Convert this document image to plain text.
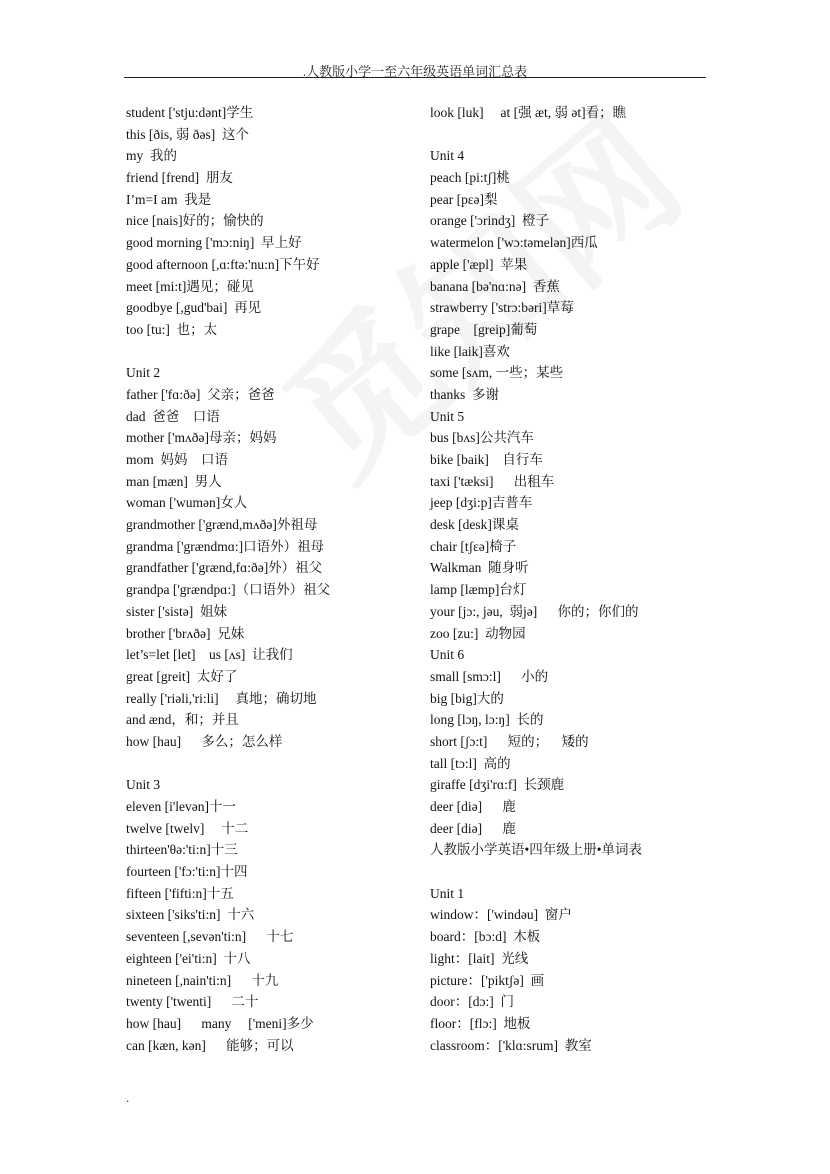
.人教版小学一至六年级英语单词汇总表
student ['stju:dənt]学生
this [ðis, 弱 ðəs]  这个
my  我的
friend [frend]  朋友
I’m=I am  我是
nice [nais]好的；愉快的
good morning ['mɔ:niŋ]  早上好
good afternoon [,ɑ:ftə:'nu:n]下午好
meet [mi:t]遇见；碰见
goodbye [,gud'bai]  再见
too [tu:]  也；太
Unit 2
father ['fɑ:ðə]  父亲；爸爸
dad  爸爸    口语
mother ['mʌðə]母亲；妈妈
mom  妈妈    口语
man [mæn]  男人
woman ['wumən]女人
grandmother ['grænd,mʌðə]外祖母
grandma ['grændmɑ:]口语外）祖母
grandfather ['grænd,fɑ:ðə]外）祖父
grandpa ['grændpɑ:]（口语外）祖父
sister ['sistə]  姐妹
brother ['brʌðə]  兄妹
let’s=let [let]    us [ʌs]  让我们
great [greit]  太好了
really ['riəli,'ri:li]     真地；确切地
and ænd，和；并且
how [hau]      多么；怎么样
Unit 3
eleven [i'levən]十一
twelve [twelv]     十二
thirteen'θə:'ti:n]十三
fourteen ['fɔ:'ti:n]十四
fifteen ['fifti:n]十五
sixteen ['siks'ti:n]  十六
seventeen [,sevən'ti:n]      十七
eighteen ['ei'ti:n]  十八
nineteen [,nain'ti:n]      十九
twenty ['twenti]      二十
how [hau]      many     ['meni]多少
can [kæn, kən]      能够；可以
look [luk]     at [强 æt, 弱 ət]看；瞧
Unit 4
peach [pi:tʃ]桃
pear [pɛə]梨
orange ['ɔrindʒ]  橙子
watermelon ['wɔ:təmelən]西瓜
apple ['æpl]  苹果
banana [bə'nɑ:nə]  香蕉
strawberry ['strɔ:bəri]草莓
grape    [greip]葡萄
like [laik]喜欢
some [sʌm, 一些；某些
thanks  多谢
Unit 5
bus [bʌs]公共汽车
bike [baik]    自行车
taxi ['tæksi]      出租车
jeep [dʒi:p]吉普车
desk [desk]课桌
chair [tʃɛə]椅子
Walkman  随身听
lamp [læmp]台灯
your [jɔ:, jəu,  弱jə]      你的；你们的
zoo [zu:]  动物园
Unit 6
small [smɔ:l]      小的
big [big]大的
long [lɔŋ, lɔ:ŋ]  长的
short [ʃɔ:t]      短的；    矮的
tall [tɔ:l]  高的
giraffe [dʒi'rɑ:f]  长颈鹿
deer [diə]      鹿
deer [diə]      鹿
人教版小学英语•四年级上册•单词表
Unit 1
window：['windəu]  窗户
board：[bɔ:d]  木板
light：[lait]  光线
picture：['piktʃə]  画
door：[dɔ:]  门
floor：[flɔ:]  地板
classroom：['klɑ:srum]  教室
.
